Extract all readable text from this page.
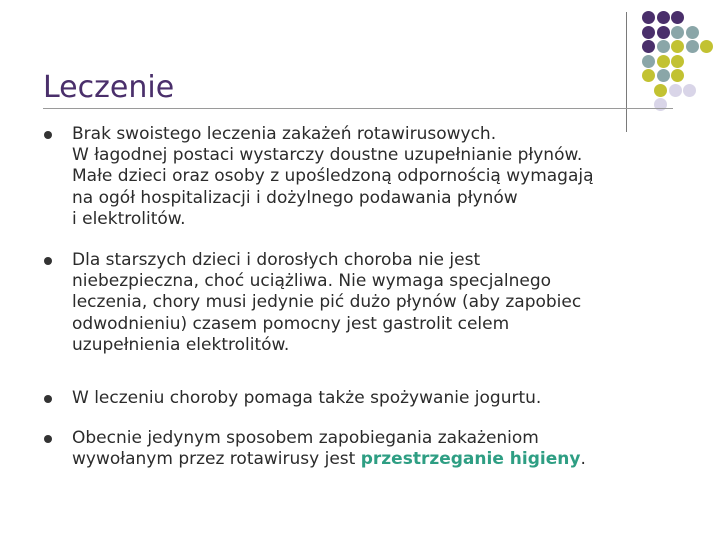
Leczenie
Brak swoistego leczenia zakażeń rotawirusowych.
W łagodnej postaci wystarczy doustne uzupełnianie płynów.
Małe dzieci oraz osoby z upośledzoną odpornością wymagają
na ogół hospitalizacji i dożylnego podawania płynów
i elektrolitów.
Dla starszych dzieci i dorosłych choroba nie jest
niebezpieczna, choć uciążliwa. Nie wymaga specjalnego
leczenia, chory musi jedynie pić dużo płynów (aby zapobiec
odwodnieniu) czasem pomocny jest gastrolit celem
uzupełnienia elektrolitów.
W leczeniu choroby pomaga także spożywanie jogurtu.
Obecnie jedynym sposobem zapobiegania zakażeniom
wywołanym przez rotawirusy jest przestrzeganie higieny.
